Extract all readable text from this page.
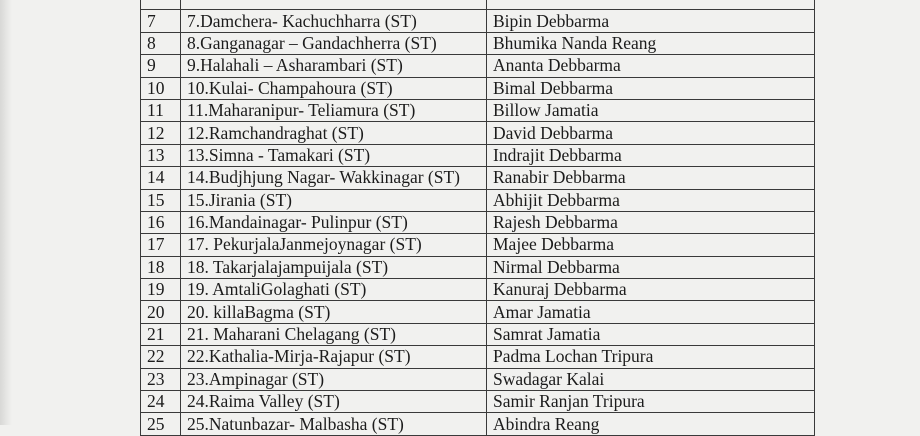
7	7.Damchera- Kachuchharra (ST)	Bipin Debbarma
8	8.Ganganagar – Gandachherra (ST)	Bhumika Nanda Reang
9	9.Halahali – Asharambari (ST)	Ananta Debbarma
10	10.Kulai- Champahoura (ST)	Bimal Debbarma
11	11.Maharanipur- Teliamura (ST)	Billow Jamatia
12	12.Ramchandraghat (ST)	David Debbarma
13	13.Simna - Tamakari (ST)	Indrajit Debbarma
14	14.Budjhjung Nagar- Wakkinagar (ST)	Ranabir Debbarma
15	15.Jirania (ST)	Abhijit Debbarma
16	16.Mandainagar- Pulinpur (ST)	Rajesh Debbarma
17	17. PekurjalaJanmejoynagar (ST)	Majee Debbarma
18	18. Takarjalajampuijala (ST)	Nirmal Debbarma
19	19. AmtaliGolaghati (ST)	Kanuraj Debbarma
20	20. killaBagma (ST)	Amar Jamatia
21	21. Maharani Chelagang (ST)	Samrat Jamatia
22	22.Kathalia-Mirja-Rajapur (ST)	Padma Lochan Tripura
23	23.Ampinagar (ST)	Swadagar Kalai
24	24.Raima Valley (ST)	Samir Ranjan Tripura
25	25.Natunbazar- Malbasha (ST)	Abindra Reang
